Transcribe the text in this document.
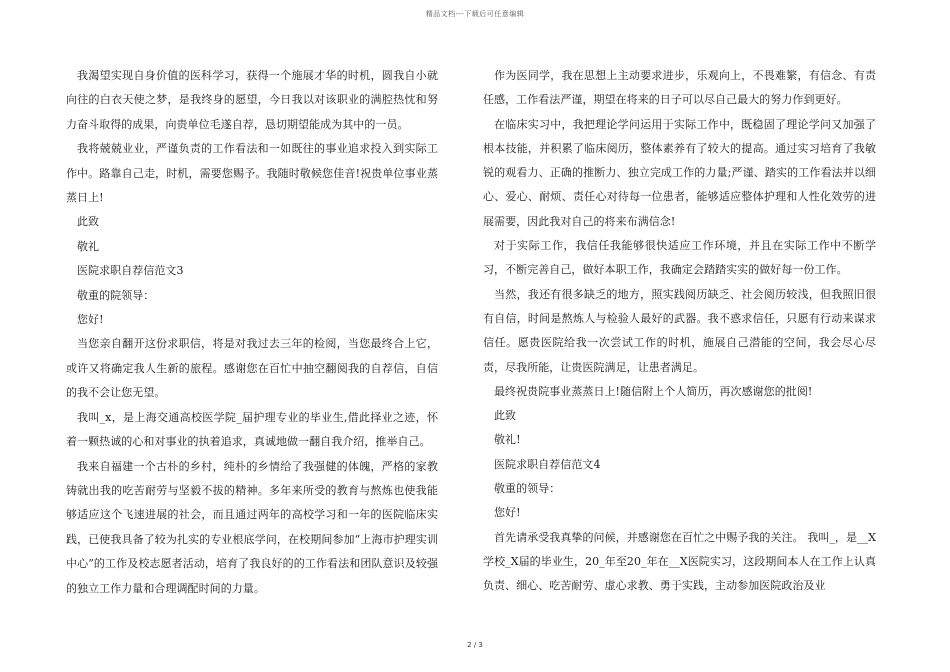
精品文档---下载后可任意编辑

我渴望实现自身价值的医科学习，获得一个施展才华的时机，圆我自小就向往的白衣天使之梦，是我终身的愿望，今日我以对该职业的满腔热忱和努力奋斗取得的成果，向贵单位毛遂自荐，恳切期望能成为其中的一员。

我将兢兢业业，严谨负责的工作看法和一如既往的事业追求投入到实际工作中。路靠自己走，时机，需要您赐予。我随时敬候您佳音!祝贵单位事业蒸蒸日上!

此致

敬礼

医院求职自荐信范文3

敬重的院领导：

您好!

当您亲自翻开这份求职信，将是对我过去三年的检阅，当您最终合上它，或许又将确定我人生新的旅程。感谢您在百忙中抽空翻阅我的自荐信，自信的我不会让您无望。

我叫_x，是上海交通高校医学院_届护理专业的毕业生,借此择业之迹，怀着一颗热诚的心和对事业的执着追求，真诚地做一翻自我介绍，推举自己。

我来自福建一个古朴的乡村，纯朴的乡情给了我强健的体魄，严格的家教铸就出我的吃苦耐劳与坚毅不拔的精神。多年来所受的教育与熬炼也使我能够适应这个飞速进展的社会，而且通过两年的高校学习和一年的医院临床实践，已使我具备了较为扎实的专业根底学问，在校期间参加“上海市护理实训中心”的工作及校志愿者活动，培育了我良好的的工作看法和团队意识及较强的独立工作力量和合理调配时间的力量。

作为医同学，我在思想上主动要求进步，乐观向上，不畏难繁，有信念、有责任感，工作看法严谨，期望在将来的日子可以尽自己最大的努力作到更好。

在临床实习中，我把理论学问运用于实际工作中，既稳固了理论学问又加强了根本技能，并积累了临床阅历，整体素养有了较大的提高。通过实习培育了我敏锐的观看力、正确的推断力、独立完成工作的力量;严谨、踏实的工作看法并以细心、爱心、耐烦、责任心对待每一位患者，能够适应整体护理和人性化效劳的进展需要，因此我对自己的将来布满信念!

对于实际工作，我信任我能够很快适应工作环境，并且在实际工作中不断学习，不断完善自己，做好本职工作，我确定会踏踏实实的做好每一份工作。

当然，我还有很多缺乏的地方，照实践阅历缺乏、社会阅历较浅，但我照旧很有自信，时间是熬炼人与检验人最好的武器。我不惑求信任，只愿有行动来谋求信任。愿贵医院给我一次尝试工作的时机，施展自己潜能的空间，我会尽心尽责，尽我所能，让贵医院满足，让患者满足。

最终祝贵院事业蒸蒸日上!随信附上个人简历，再次感谢您的批阅!

此致

敬礼!

医院求职自荐信范文4

敬重的领导：

您好!

首先请承受我真挚的问候，并感谢您在百忙之中赐予我的关注。 我叫_，是__X学校_X届的毕业生，20_年至20_年在__X医院实习，这段期间本人在工作上认真负责、细心、吃苦耐劳、虚心求教、勇于实践，主动参加医院政治及业

2 / 3
